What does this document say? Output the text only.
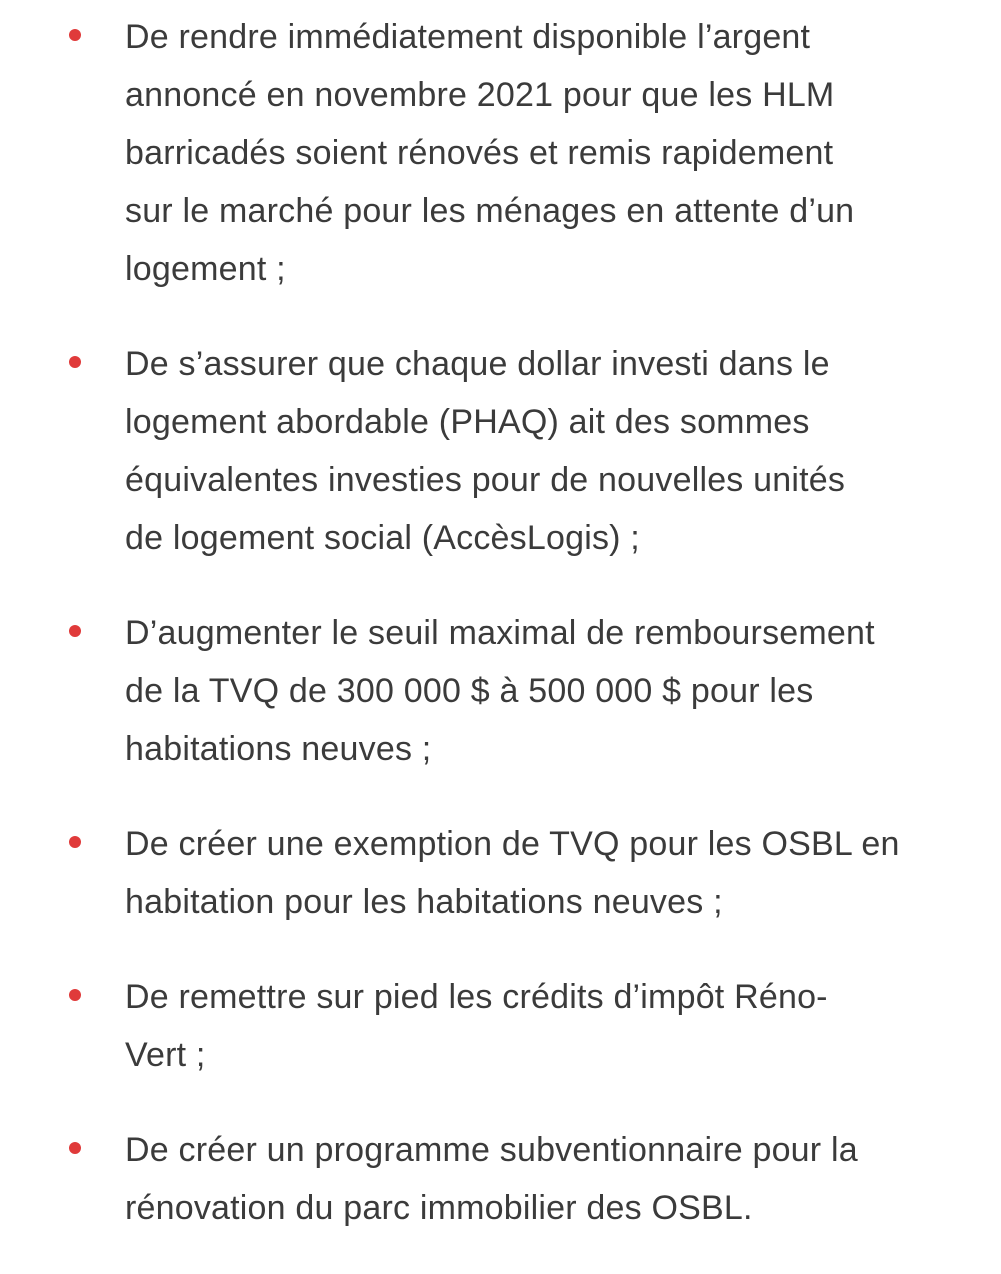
De rendre immédiatement disponible l’argent
annoncé en novembre 2021 pour que les HLM
barricadés soient rénovés et remis rapidement
sur le marché pour les ménages en attente d’un
logement ;
De s’assurer que chaque dollar investi dans le
logement abordable (PHAQ) ait des sommes
équivalentes investies pour de nouvelles unités
de logement social (AccèsLogis) ;
D’augmenter le seuil maximal de remboursement
de la TVQ de 300 000 $ à 500 000 $ pour les
habitations neuves ;
De créer une exemption de TVQ pour les OSBL en
habitation pour les habitations neuves ;
De remettre sur pied les crédits d’impôt Réno-
Vert ;
De créer un programme subventionnaire pour la
rénovation du parc immobilier des OSBL.
